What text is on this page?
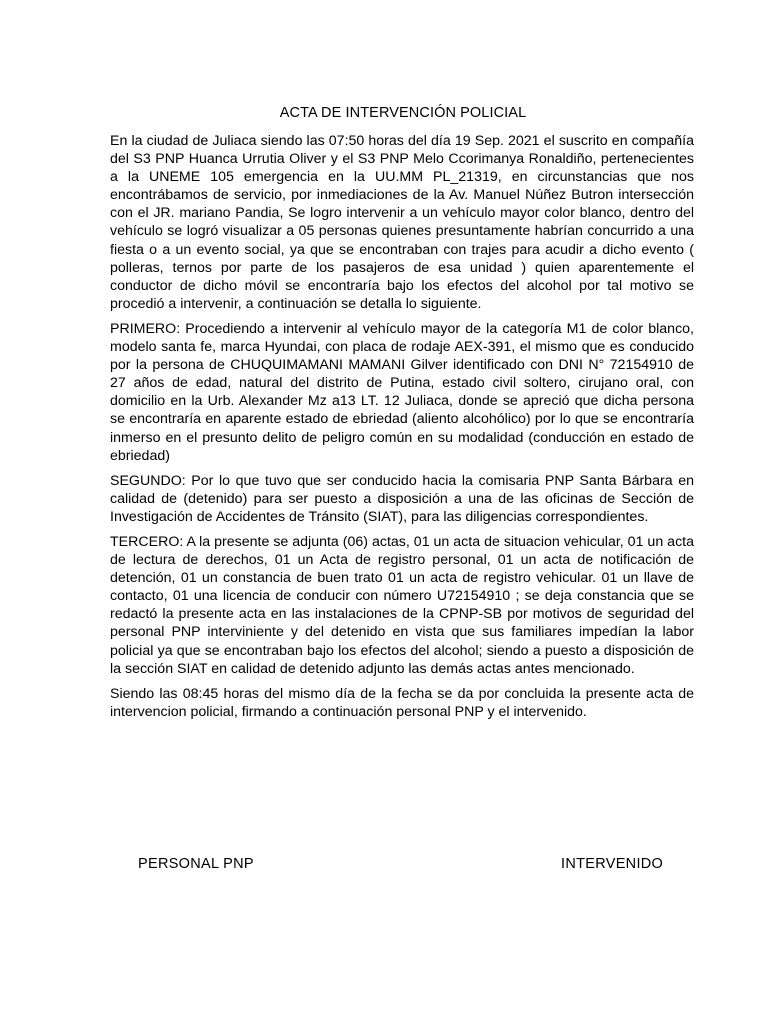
ACTA DE INTERVENCIÓN POLICIAL

En la ciudad de Juliaca siendo las 07:50 horas del día 19 Sep. 2021 el suscrito en compañía del S3 PNP Huanca Urrutia Oliver y el S3 PNP Melo Ccorimanya Ronaldiño, pertenecientes a la UNEME 105 emergencia en la UU.MM PL_21319, en circunstancias que nos encontrábamos de servicio, por inmediaciones de la Av. Manuel Núñez Butron intersección con el JR. mariano Pandia, Se logro intervenir a un vehículo mayor color blanco, dentro del vehículo se logró visualizar a 05 personas quienes presuntamente habrían concurrido a una fiesta o a un evento social, ya que se encontraban con trajes para acudir a dicho evento ( polleras, ternos por parte de los pasajeros de esa unidad ) quien aparentemente el conductor de dicho móvil se encontraría bajo los efectos del alcohol por tal motivo se procedió a intervenir, a continuación se detalla lo siguiente.

PRIMERO: Procediendo a intervenir al vehículo mayor de la categoría M1 de color blanco, modelo santa fe, marca Hyundai, con placa de rodaje AEX-391, el mismo que es conducido por la persona de CHUQUIMAMANI MAMANI Gilver identificado con DNI N° 72154910 de 27 años de edad, natural del distrito de Putina, estado civil soltero, cirujano oral, con domicilio en la Urb. Alexander Mz a13 LT. 12 Juliaca, donde se apreció que dicha persona se encontraría en aparente estado de ebriedad (aliento alcohólico) por lo que se encontraría inmerso en el presunto delito de peligro común en su modalidad (conducción en estado de ebriedad)

SEGUNDO: Por lo que tuvo que ser conducido hacia la comisaria PNP Santa Bárbara en calidad de (detenido) para ser puesto a disposición a una de las oficinas de Sección de Investigación de Accidentes de Tránsito (SIAT), para las diligencias correspondientes.

TERCERO: A la presente se adjunta (06) actas, 01 un acta de situacion vehicular, 01 un acta de lectura de derechos, 01 un Acta de registro personal, 01 un acta de notificación de detención, 01 un constancia de buen trato 01 un acta de registro vehicular. 01 un llave de contacto, 01 una licencia de conducir con número U72154910 ; se deja constancia que se redactó la presente acta en las instalaciones de la CPNP-SB por motivos de seguridad del personal PNP interviniente y del detenido en vista que sus familiares impedían la labor policial ya que se encontraban bajo los efectos del alcohol; siendo a puesto a disposición de la sección SIAT en calidad de detenido adjunto las demás actas antes mencionado.

Siendo las 08:45 horas del mismo día de la fecha se da por concluida la presente acta de intervencion policial, firmando a continuación personal PNP y el intervenido.

PERSONAL PNP	INTERVENIDO
